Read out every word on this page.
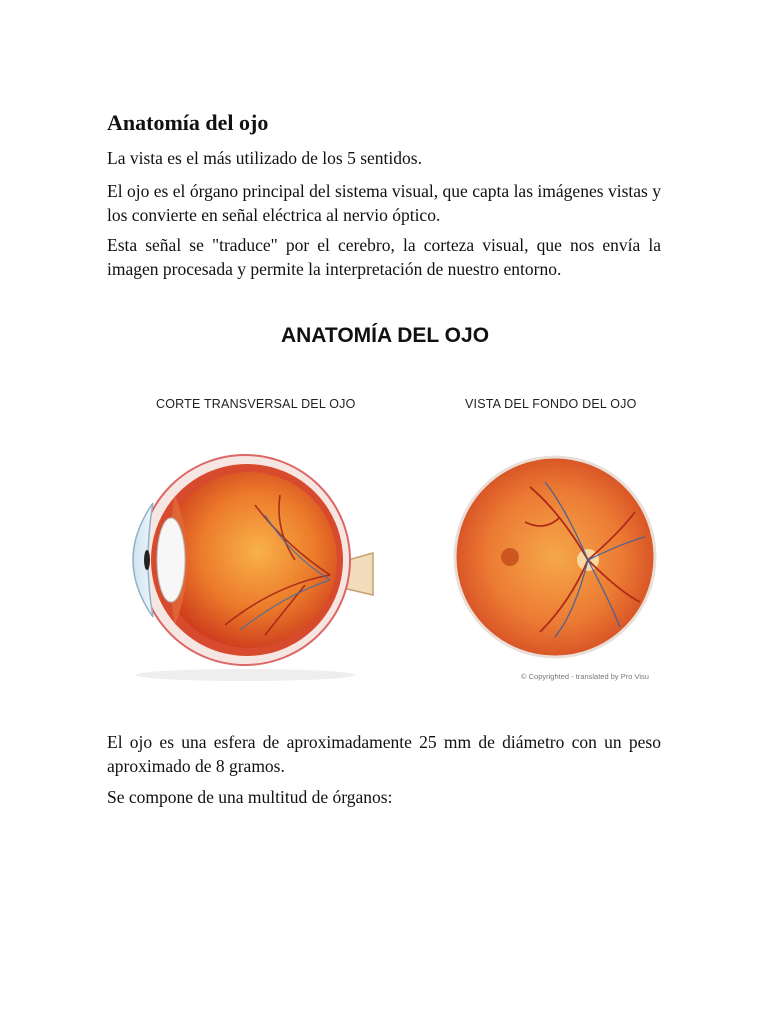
Anatomía del ojo

La vista es el más utilizado de los 5 sentidos.

El ojo es el órgano principal del sistema visual, que capta las imágenes vistas y los convierte en señal eléctrica al nervio óptico.

Esta señal se "traduce" por el cerebro, la corteza visual, que nos envía la imagen procesada y permite la interpretación de nuestro entorno.

ANATOMÍA DEL OJO
CORTE TRANSVERSAL DEL OJO	VISTA DEL FONDO DEL OJO
© Copyrighted - translated by Pro Visu

El ojo es una esfera de aproximadamente 25 mm de diámetro con un peso aproximado de 8 gramos.

Se compone de una multitud de órganos:
